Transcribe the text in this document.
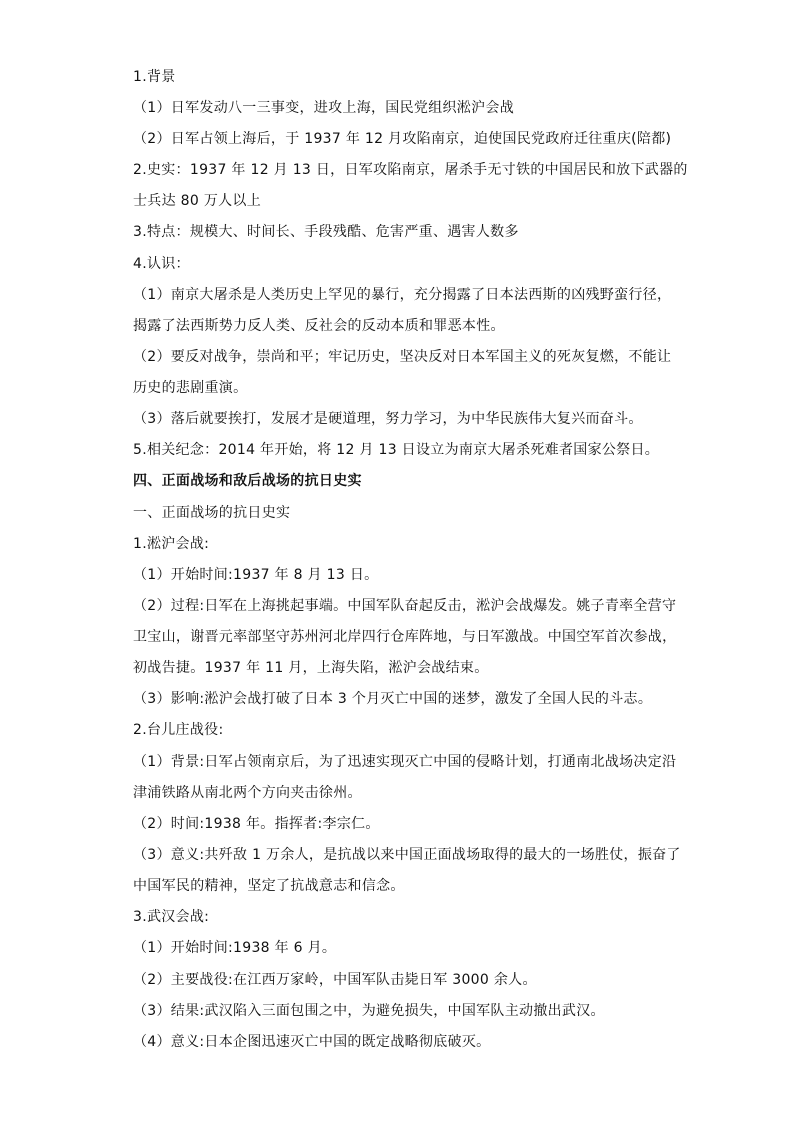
1.背景
（1）日军发动八一三事变，进攻上海，国民党组织淞沪会战
（2）日军占领上海后，于 1937 年 12 月攻陷南京，迫使国民党政府迁往重庆(陪都)
2.史实：1937 年 12 月 13 日，日军攻陷南京，屠杀手无寸铁的中国居民和放下武器的
士兵达 80 万人以上
3.特点：规模大、时间长、手段残酷、危害严重、遇害人数多
4.认识：
（1）南京大屠杀是人类历史上罕见的暴行，充分揭露了日本法西斯的凶残野蛮行径，
揭露了法西斯势力反人类、反社会的反动本质和罪恶本性。
（2）要反对战争，崇尚和平；牢记历史，坚决反对日本军国主义的死灰复燃，不能让
历史的悲剧重演。
（3）落后就要挨打，发展才是硬道理，努力学习，为中华民族伟大复兴而奋斗。
5.相关纪念：2014 年开始，将 12 月 13 日设立为南京大屠杀死难者国家公祭日。
四、正面战场和敌后战场的抗日史实
一、正面战场的抗日史实
1.淞沪会战:
（1）开始时间:1937 年 8 月 13 日。
（2）过程:日军在上海挑起事端。中国军队奋起反击，淞沪会战爆发。姚子青率全营守
卫宝山，谢晋元率部坚守苏州河北岸四行仓库阵地，与日军激战。中国空军首次参战，
初战告捷。1937 年 11 月，上海失陷，淞沪会战结束。
（3）影响:淞沪会战打破了日本 3 个月灭亡中国的迷梦，激发了全国人民的斗志。
2.台儿庄战役:
（1）背景:日军占领南京后，为了迅速实现灭亡中国的侵略计划，打通南北战场决定沿
津浦铁路从南北两个方向夹击徐州。
（2）时间:1938 年。指挥者:李宗仁。
（3）意义:共歼敌 1 万余人，是抗战以来中国正面战场取得的最大的一场胜仗，振奋了
中国军民的精神，坚定了抗战意志和信念。
3.武汉会战:
（1）开始时间:1938 年 6 月。
（2）主要战役:在江西万家岭，中国军队击毙日军 3000 余人。
（3）结果:武汉陷入三面包围之中，为避免损失，中国军队主动撤出武汉。
（4）意义:日本企图迅速灭亡中国的既定战略彻底破灭。
